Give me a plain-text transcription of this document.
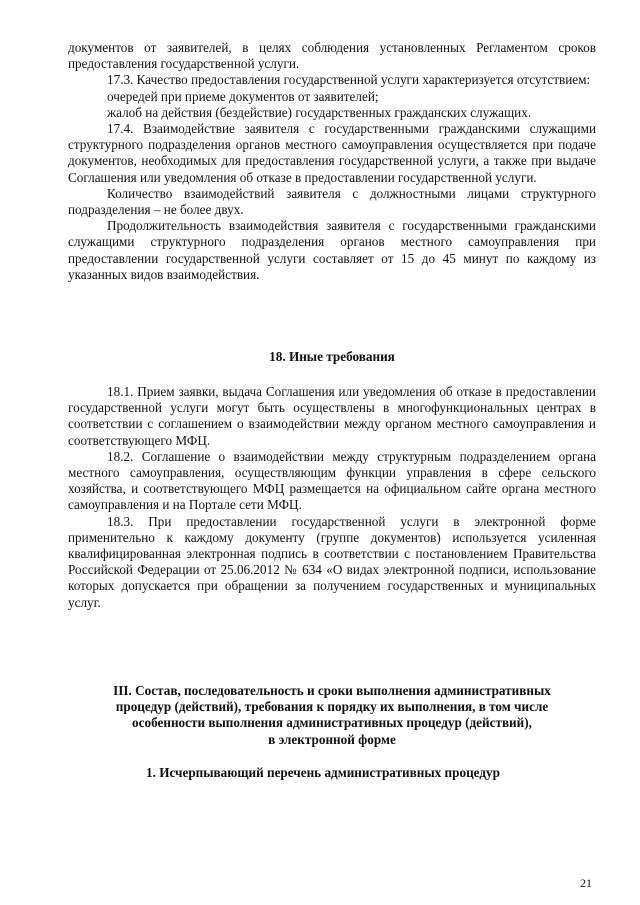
документов от заявителей, в целях соблюдения установленных Регламентом сроков предоставления государственной услуги.

17.3. Качество предоставления государственной услуги характеризуется отсутствием:

очередей при приеме документов от заявителей;

жалоб на действия (бездействие) государственных гражданских служащих.

17.4. Взаимодействие заявителя с государственными гражданскими служащими структурного подразделения органов местного самоуправления осуществляется при подаче документов, необходимых для предоставления государственной услуги, а также при выдаче Соглашения или уведомления об отказе в предоставлении государственной услуги.

Количество взаимодействий заявителя с должностными лицами структурного подразделения – не более двух.

Продолжительность взаимодействия заявителя с государственными гражданскими служащими структурного подразделения органов местного самоуправления при предоставлении государственной услуги составляет от 15 до 45 минут по каждому из указанных видов взаимодействия.

18. Иные требования

18.1. Прием заявки, выдача Соглашения или уведомления об отказе в предоставлении государственной услуги могут быть осуществлены в многофункциональных центрах в соответствии с соглашением о взаимодействии между органом местного самоуправления и соответствующего МФЦ.

18.2. Соглашение о взаимодействии между структурным подразделением органа местного самоуправления, осуществляющим функции управления в сфере сельского хозяйства, и соответствующего МФЦ размещается на официальном сайте органа местного самоуправления и на Портале сети МФЦ.

18.3. При предоставлении государственной услуги в электронной форме применительно к каждому документу (группе документов) используется усиленная квалифицированная электронная подпись в соответствии с постановлением Правительства Российской Федерации от 25.06.2012 № 634 «О видах электронной подписи, использование которых допускается при обращении за получением государственных и муниципальных услуг.

III. Состав, последовательность и сроки выполнения административных

процедур (действий), требования к порядку их выполнения, в том числе

особенности выполнения административных процедур (действий),

в электронной форме

1. Исчерпывающий перечень административных процедур

21
